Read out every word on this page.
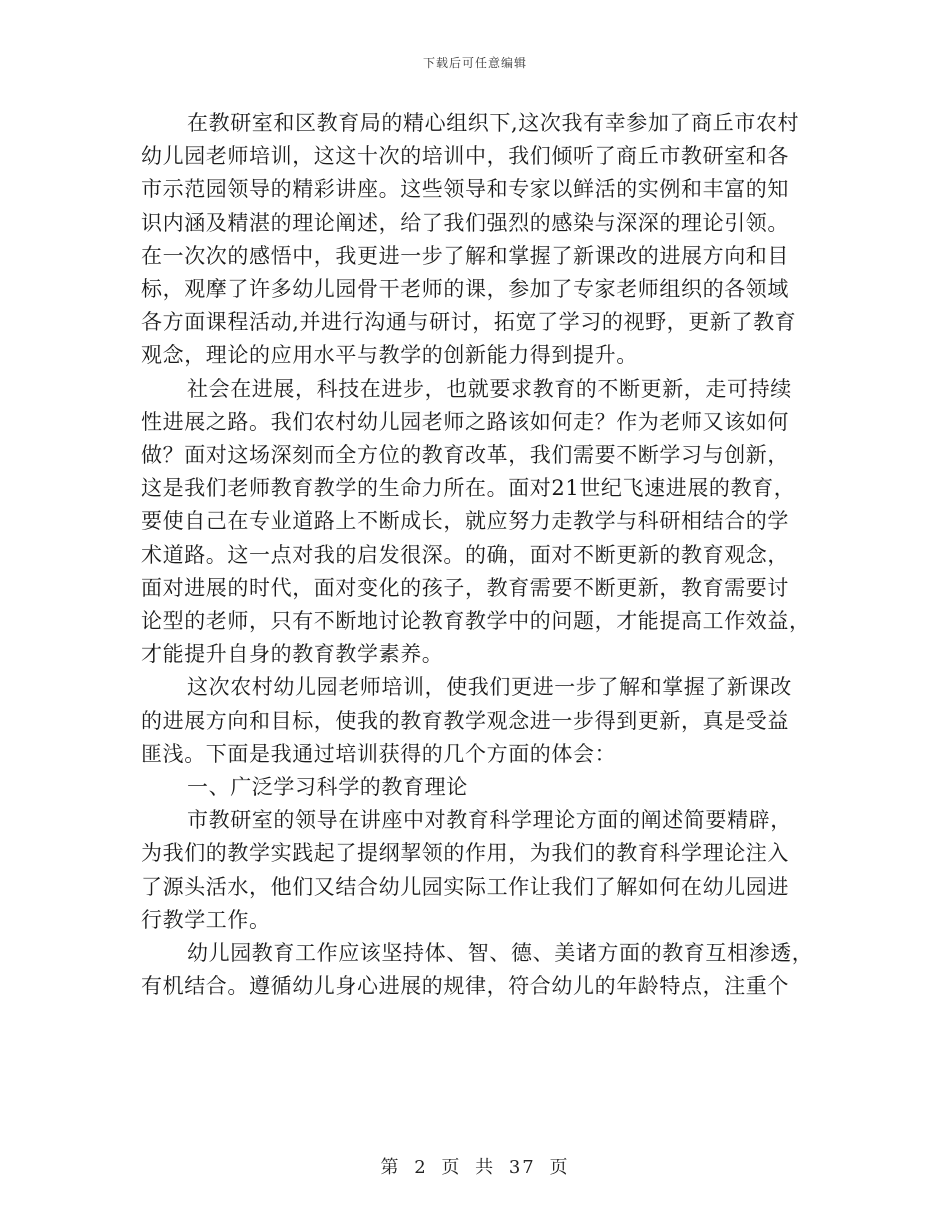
下载后可任意编辑

在教研室和区教育局的精心组织下,这次我有幸参加了商丘市农村
幼儿园老师培训，这这十次的培训中，我们倾听了商丘市教研室和各
市示范园领导的精彩讲座。这些领导和专家以鲜活的实例和丰富的知
识内涵及精湛的理论阐述，给了我们强烈的感染与深深的理论引领。
在一次次的感悟中，我更进一步了解和掌握了新课改的进展方向和目
标，观摩了许多幼儿园骨干老师的课，参加了专家老师组织的各领域
各方面课程活动,并进行沟通与研讨，拓宽了学习的视野，更新了教育
观念，理论的应用水平与教学的创新能力得到提升。

社会在进展，科技在进步，也就要求教育的不断更新，走可持续
性进展之路。我们农村幼儿园老师之路该如何走？作为老师又该如何
做？面对这场深刻而全方位的教育改革，我们需要不断学习与创新，
这是我们老师教育教学的生命力所在。面对21世纪飞速进展的教育，
要使自己在专业道路上不断成长，就应努力走教学与科研相结合的学
术道路。这一点对我的启发很深。的确，面对不断更新的教育观念，
面对进展的时代，面对变化的孩子，教育需要不断更新，教育需要讨
论型的老师，只有不断地讨论教育教学中的问题，才能提高工作效益，
才能提升自身的教育教学素养。

这次农村幼儿园老师培训，使我们更进一步了解和掌握了新课改
的进展方向和目标，使我的教育教学观念进一步得到更新，真是受益
匪浅。下面是我通过培训获得的几个方面的体会：

一、广泛学习科学的教育理论

市教研室的领导在讲座中对教育科学理论方面的阐述简要精辟，
为我们的教学实践起了提纲挈领的作用，为我们的教育科学理论注入
了源头活水，他们又结合幼儿园实际工作让我们了解如何在幼儿园进
行教学工作。

幼儿园教育工作应该坚持体、智、德、美诸方面的教育互相渗透，
有机结合。遵循幼儿身心进展的规律，符合幼儿的年龄特点，注重个

第 2 页 共 37 页
